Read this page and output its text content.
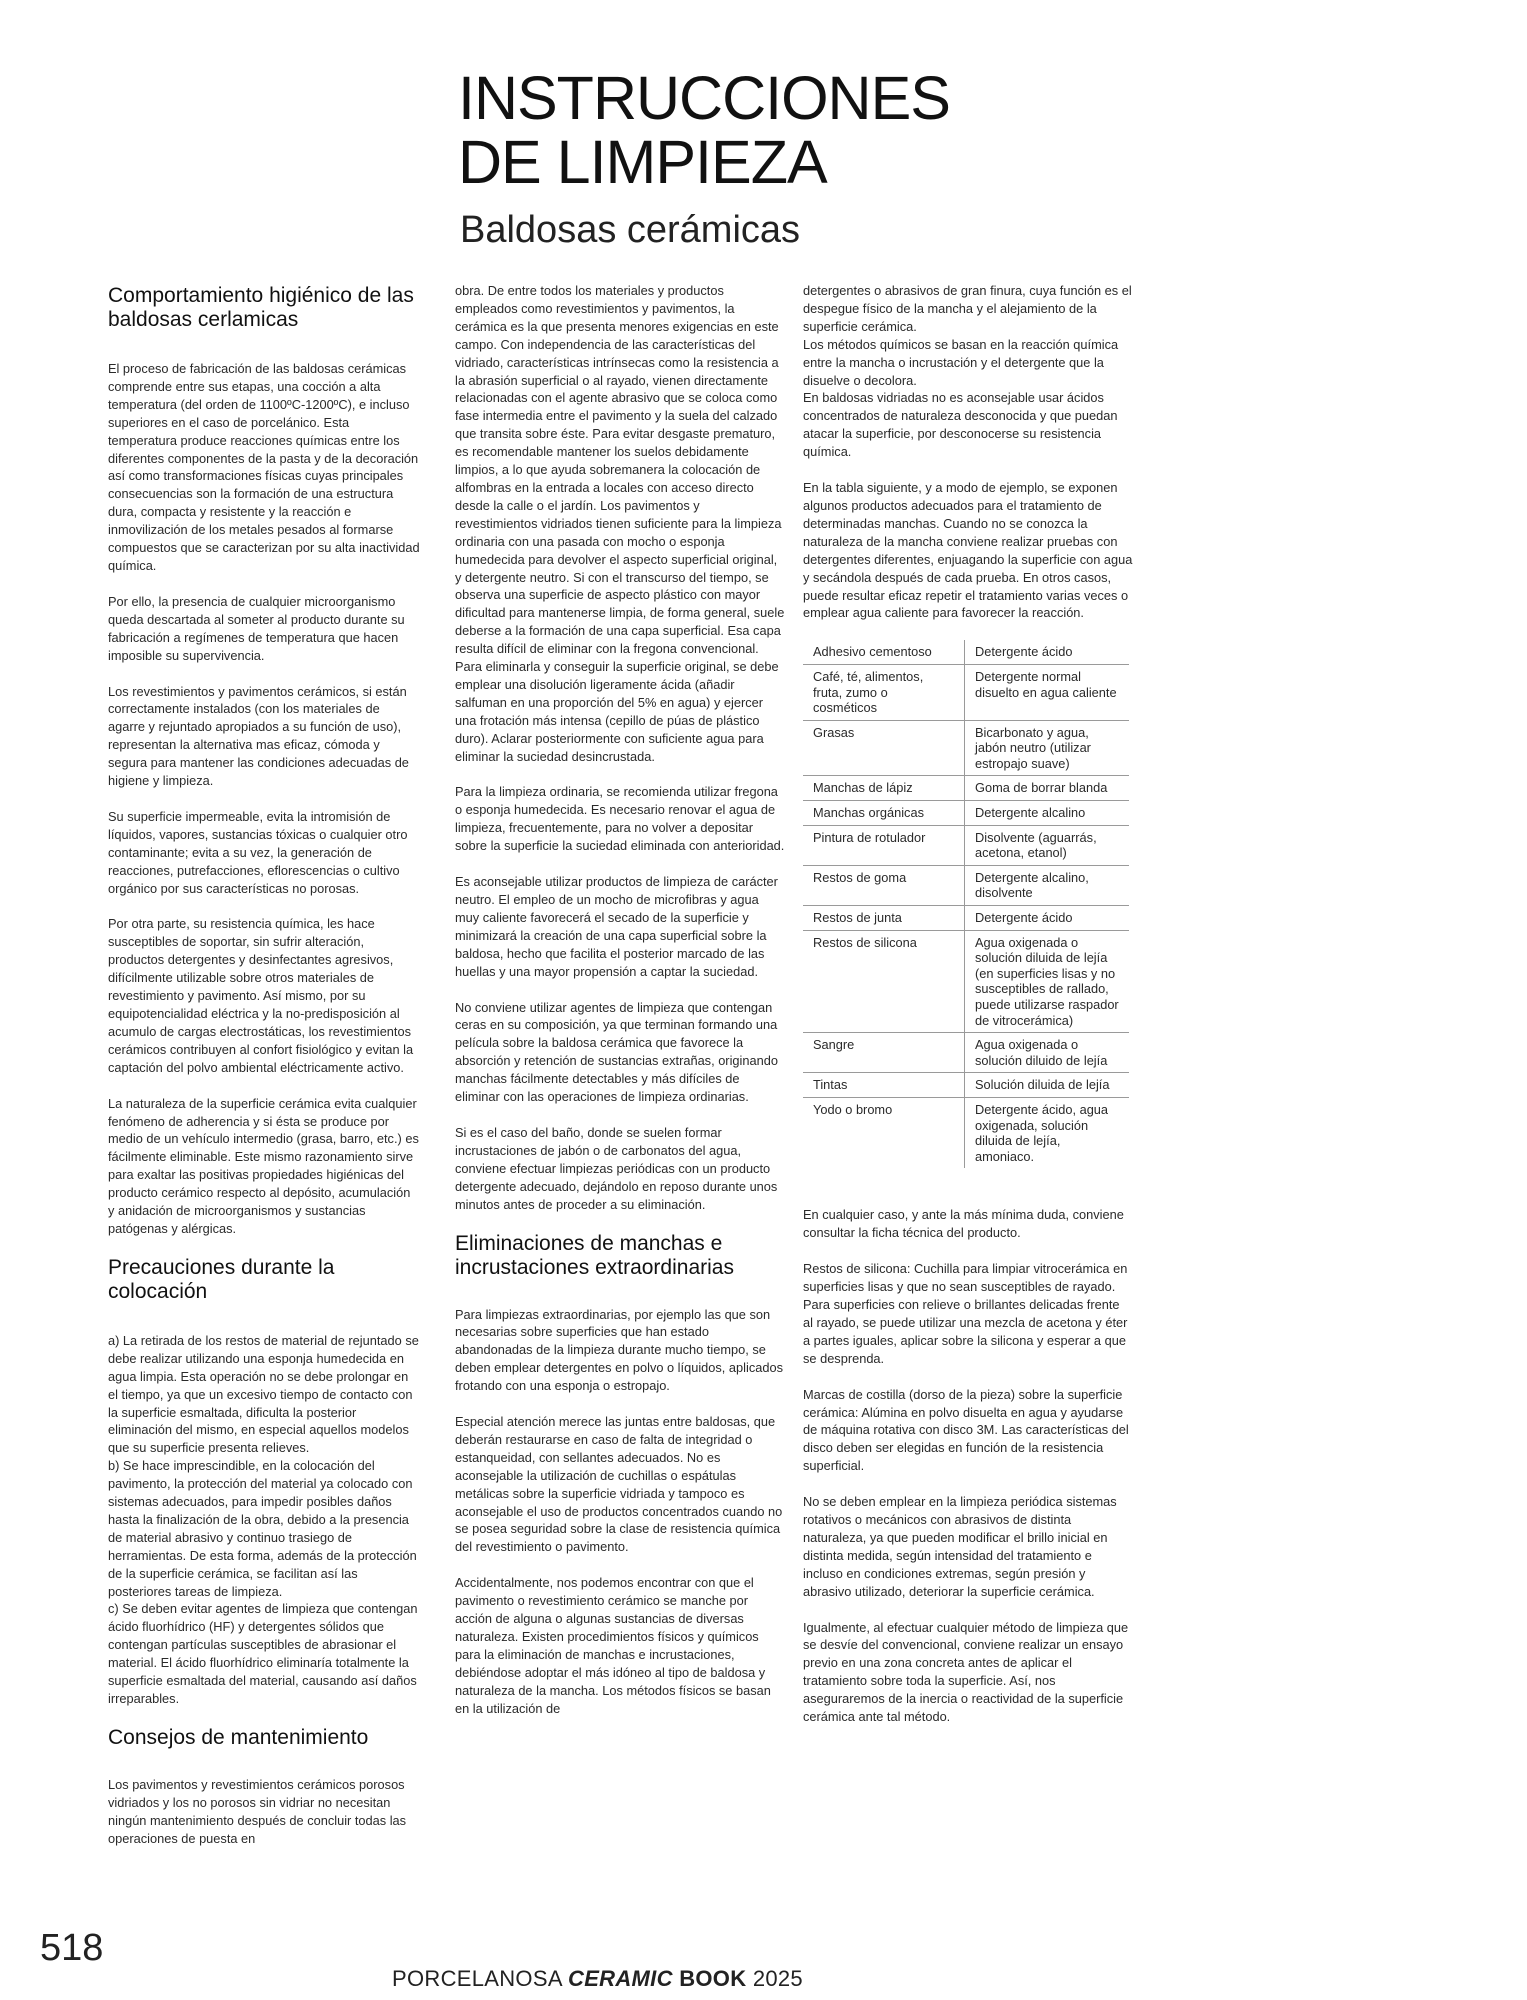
INSTRUCCIONES
DE LIMPIEZA
Baldosas cerámicas
Comportamiento higiénico de las baldosas cerlamicas

El proceso de fabricación de las baldosas cerámicas comprende entre sus etapas, una cocción a alta temperatura (del orden de 1100ºC-1200ºC), e incluso superiores en el caso de porcelánico. Esta temperatura produce reacciones químicas entre los diferentes componentes de la pasta y de la decoración así como transformaciones físicas cuyas principales consecuencias son la formación de una estructura dura, compacta y resistente y la reacción e inmovilización de los metales pesados al formarse compuestos que se caracterizan por su alta inactividad química.

Por ello, la presencia de cualquier microorganismo queda descartada al someter al producto durante su fabricación a regímenes de temperatura que hacen imposible su supervivencia.

Los revestimientos y pavimentos cerámicos, si están correctamente instalados (con los materiales de agarre y rejuntado apropiados a su función de uso), representan la alternativa mas eficaz, cómoda y segura para mantener las condiciones adecuadas de higiene y limpieza.

Su superficie impermeable, evita la intromisión de líquidos, vapores, sustancias tóxicas o cualquier otro contaminante; evita a su vez, la generación de reacciones, putrefacciones, eflorescencias o cultivo orgánico por sus características no porosas.

Por otra parte, su resistencia química, les hace susceptibles de soportar, sin sufrir alteración, productos detergentes y desinfectantes agresivos, difícilmente utilizable sobre otros materiales de revestimiento y pavimento. Así mismo, por su equipotencialidad eléctrica y la no-predisposición al acumulo de cargas electrostáticas, los revestimientos cerámicos contribuyen al confort fisiológico y evitan la captación del polvo ambiental eléctricamente activo.

La naturaleza de la superficie cerámica evita cualquier fenómeno de adherencia y si ésta se produce por medio de un vehículo intermedio (grasa, barro, etc.) es fácilmente eliminable. Este mismo razonamiento sirve para exaltar las positivas propiedades higiénicas del producto cerámico respecto al depósito, acumulación y anidación de microorganismos y sustancias patógenas y alérgicas.

Precauciones durante la colocación

a) La retirada de los restos de material de rejuntado se debe realizar utilizando una esponja humedecida en agua limpia. Esta operación no se debe prolongar en el tiempo, ya que un excesivo tiempo de contacto con la superficie esmaltada, dificulta la posterior eliminación del mismo, en especial aquellos modelos que su superficie presenta relieves.

b) Se hace imprescindible, en la colocación del pavimento, la protección del material ya colocado con sistemas adecuados, para impedir posibles daños hasta la finalización de la obra, debido a la presencia de material abrasivo y continuo trasiego de herramientas. De esta forma, además de la protección de la superficie cerámica, se facilitan así las posteriores tareas de limpieza.

c) Se deben evitar agentes de limpieza que contengan ácido fluorhídrico (HF) y detergentes sólidos que contengan partículas susceptibles de abrasionar el material. El ácido fluorhídrico eliminaría totalmente la superficie esmaltada del material, causando así daños irreparables.

Consejos de mantenimiento

Los pavimentos y revestimientos cerámicos porosos vidriados y los no porosos sin vidriar no necesitan ningún mantenimiento después de concluir todas las operaciones de puesta en

obra. De entre todos los materiales y productos empleados como revestimientos y pavimentos, la cerámica es la que presenta menores exigencias en este campo. Con independencia de las características del vidriado, características intrínsecas como la resistencia a la abrasión superficial o al rayado, vienen directamente relacionadas con el agente abrasivo que se coloca como fase intermedia entre el pavimento y la suela del calzado que transita sobre éste. Para evitar desgaste prematuro, es recomendable mantener los suelos debidamente limpios, a lo que ayuda sobremanera la colocación de alfombras en la entrada a locales con acceso directo desde la calle o el jardín. Los pavimentos y revestimientos vidriados tienen suficiente para la limpieza ordinaria con una pasada con mocho o esponja humedecida para devolver el aspecto superficial original, y detergente neutro. Si con el transcurso del tiempo, se observa una superficie de aspecto plástico con mayor dificultad para mantenerse limpia, de forma general, suele deberse a la formación de una capa superficial. Esa capa resulta difícil de eliminar con la fregona convencional. Para eliminarla y conseguir la superficie original, se debe emplear una disolución ligeramente ácida (añadir salfuman en una proporción del 5% en agua) y ejercer una frotación más intensa (cepillo de púas de plástico duro). Aclarar posteriormente con suficiente agua para eliminar la suciedad desincrustada.

Para la limpieza ordinaria, se recomienda utilizar fregona o esponja humedecida. Es necesario renovar el agua de limpieza, frecuentemente, para no volver a depositar sobre la superficie la suciedad eliminada con anterioridad.

Es aconsejable utilizar productos de limpieza de carácter neutro. El empleo de un mocho de microfibras y agua muy caliente favorecerá el secado de la superficie y minimizará la creación de una capa superficial sobre la baldosa, hecho que facilita el posterior marcado de las huellas y una mayor propensión a captar la suciedad.

No conviene utilizar agentes de limpieza que contengan ceras en su composición, ya que terminan formando una película sobre la baldosa cerámica que favorece la absorción y retención de sustancias extrañas, originando manchas fácilmente detectables y más difíciles de eliminar con las operaciones de limpieza ordinarias.

Si es el caso del baño, donde se suelen formar incrustaciones de jabón o de carbonatos del agua, conviene efectuar limpiezas periódicas con un producto detergente adecuado, dejándolo en reposo durante unos minutos antes de proceder a su eliminación.

Eliminaciones de manchas e incrustaciones extraordinarias

Para limpiezas extraordinarias, por ejemplo las que son necesarias sobre superficies que han estado abandonadas de la limpieza durante mucho tiempo, se deben emplear detergentes en polvo o líquidos, aplicados frotando con una esponja o estropajo.

Especial atención merece las juntas entre baldosas, que deberán restaurarse en caso de falta de integridad o estanqueidad, con sellantes adecuados. No es aconsejable la utilización de cuchillas o espátulas metálicas sobre la superficie vidriada y tampoco es aconsejable el uso de productos concentrados cuando no se posea seguridad sobre la clase de resistencia química del revestimiento o pavimento.

Accidentalmente, nos podemos encontrar con que el pavimento o revestimiento cerámico se manche por acción de alguna o algunas sustancias de diversas naturaleza. Existen procedimientos físicos y químicos para la eliminación de manchas e incrustaciones, debiéndose adoptar el más idóneo al tipo de baldosa y naturaleza de la mancha. Los métodos físicos se basan en la utilización de

detergentes o abrasivos de gran finura, cuya función es el despegue físico de la mancha y el alejamiento de la superficie cerámica.

Los métodos químicos se basan en la reacción química entre la mancha o incrustación y el detergente que la disuelve o decolora.

En baldosas vidriadas no es aconsejable usar ácidos concentrados de naturaleza desconocida y que puedan atacar la superficie, por desconocerse su resistencia química.

En la tabla siguiente, y a modo de ejemplo, se exponen algunos productos adecuados para el tratamiento de determinadas manchas. Cuando no se conozca la naturaleza de la mancha conviene realizar pruebas con detergentes diferentes, enjuagando la superficie con agua y secándola después de cada prueba. En otros casos, puede resultar eficaz repetir el tratamiento varias veces o emplear agua caliente para favorecer la reacción.

Adhesivo cementoso	Detergente ácido
Café, té, alimentos, fruta, zumo o cosméticos	Detergente normal disuelto en agua caliente
Grasas	Bicarbonato y agua, jabón neutro (utilizar estropajo suave)
Manchas de lápiz	Goma de borrar blanda
Manchas orgánicas	Detergente alcalino
Pintura de rotulador	Disolvente (aguarrás, acetona, etanol)
Restos de goma	Detergente alcalino, disolvente
Restos de junta	Detergente ácido
Restos de silicona	Agua oxigenada o solución diluida de lejía (en superficies lisas y no susceptibles de rallado, puede utilizarse raspador de vitrocerámica)
Sangre	Agua oxigenada o solución diluido de lejía
Tintas	Solución diluida de lejía
Yodo o bromo	Detergente ácido, agua oxigenada, solución diluida de lejía, amoniaco.

En cualquier caso, y ante la más mínima duda, conviene consultar la ficha técnica del producto.

Restos de silicona: Cuchilla para limpiar vitrocerámica en superficies lisas y que no sean susceptibles de rayado. Para superficies con relieve o brillantes delicadas frente al rayado, se puede utilizar una mezcla de acetona y éter a partes iguales, aplicar sobre la silicona y esperar a que se desprenda.

Marcas de costilla (dorso de la pieza) sobre la superficie cerámica: Alúmina en polvo disuelta en agua y ayudarse de máquina rotativa con disco 3M. Las características del disco deben ser elegidas en función de la resistencia superficial.

No se deben emplear en la limpieza periódica sistemas rotativos o mecánicos con abrasivos de distinta naturaleza, ya que pueden modificar el brillo inicial en distinta medida, según intensidad del tratamiento e incluso en condiciones extremas, según presión y abrasivo utilizado, deteriorar la superficie cerámica.

Igualmente, al efectuar cualquier método de limpieza que se desvíe del convencional, conviene realizar un ensayo previo en una zona concreta antes de aplicar el tratamiento sobre toda la superficie. Así, nos aseguraremos de la inercia o reactividad de la superficie cerámica ante tal método.

518
PORCELANOSA CERAMIC BOOK 2025
